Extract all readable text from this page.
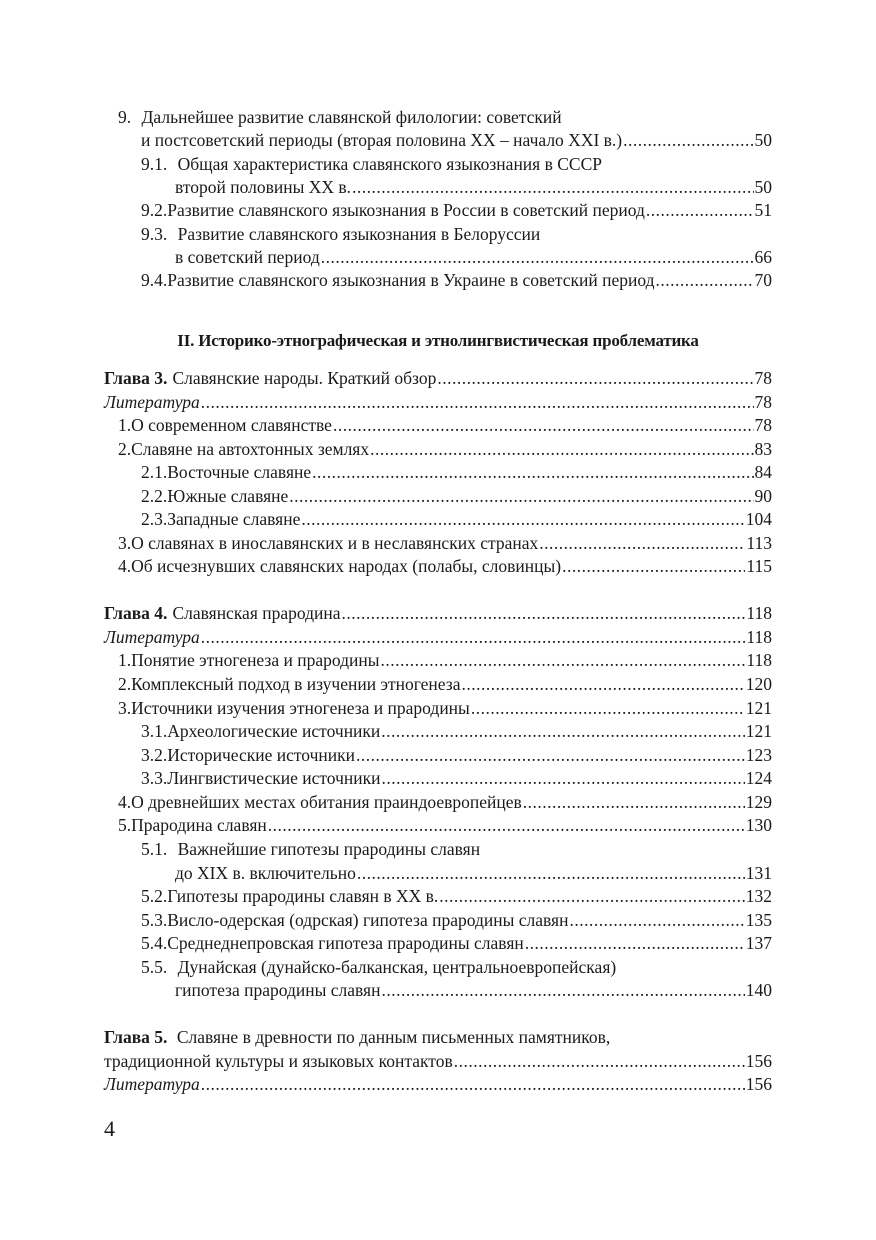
9. Дальнейшее развитие славянской филологии: советский
и постсоветский периоды (вторая половина XX – начало XXI в.) .....	50
9.1. Общая характеристика славянского языкознания в СССР
второй половины XX в. .....	50
9.2. Развитие славянского языкознания в России в советский период .....	51
9.3. Развитие славянского языкознания в Белоруссии
в советский период .....	66
9.4. Развитие славянского языкознания в Украине в советский период .....	70
II. Историко-этнографическая и этнолингвистическая проблематика
Глава 3. Славянские народы. Краткий обзор .....	78
Литература .....	78
1. О современном славянстве .....	78
2. Славяне на автохтонных землях .....	83
2.1. Восточные славяне .....	84
2.2. Южные славяне .....	90
2.3. Западные славяне .....	104
3. О славянах в инославянских и в неславянских странах .....	113
4. Об исчезнувших славянских народах (полабы, словинцы) .....	115
Глава 4. Славянская прародина .....	118
Литература .....	118
1. Понятие этногенеза и прародины .....	118
2. Комплексный подход в изучении этногенеза .....	120
3. Источники изучения этногенеза и прародины .....	121
3.1. Археологические источники .....	121
3.2. Исторические источники .....	123
3.3. Лингвистические источники .....	124
4. О древнейших местах обитания праиндоевропейцев .....	129
5. Прародина славян .....	130
5.1. Важнейшие гипотезы прародины славян
до XIX в. включительно .....	131
5.2. Гипотезы прародины славян в XX в. .....	132
5.3. Висло-одерская (одрская) гипотеза прародины славян .....	135
5.4. Среднеднепровская гипотеза прародины славян .....	137
5.5. Дунайская (дунайско-балканская, центральноевропейская)
гипотеза прародины славян .....	140
Глава 5. Славяне в древности по данным письменных памятников,
традиционной культуры и языковых контактов .....	156
Литература .....	156
4
